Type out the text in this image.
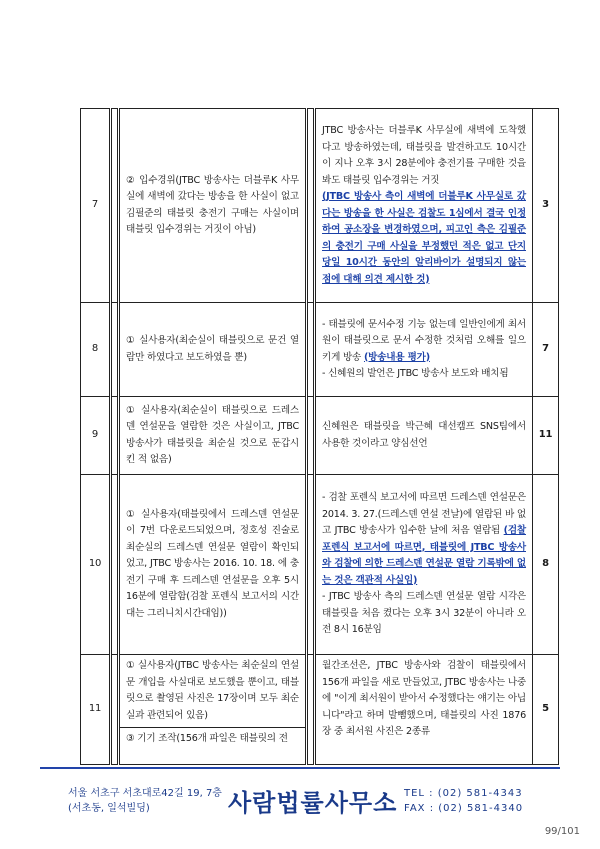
7		② 입수경위(JTBC 방송사는 더블루K 사무실에 새벽에 갔다는 방송을 한 사실이 없고 김필준의 태블릿 충전기 구매는 사실이며 태블릿 입수경위는 거짓이 아님)		JTBC 방송사는 더블루K 사무실에 새벽에 도착했다고 방송하였는데, 태블릿을 발견하고도 10시간이 지나 오후 3시 28분에야 충전기를 구매한 것을 봐도 태블릿 입수경위는 거짓
(JTBC 방송사 측이 새벽에 더블루K 사무실로 갔다는 방송을 한 사실은 검찰도 1심에서 결국 인정하여 공소장을 변경하였으며, 피고인 측은 김필준의 충전기 구매 사실을 부정했던 적은 없고 단지 당일 10시간 동안의 알리바이가 설명되지 않는 점에 대해 의견 제시한 것)	3
8		① 실사용자(최순실이 태블릿으로 문건 열람만 하였다고 보도하였을 뿐)		- 태블릿에 문서수정 기능 없는데 일반인에게 최서원이 태블릿으로 문서 수정한 것처럼 오해를 일으키게 방송 (방송내용 평가)
- 신혜원의 발언은 JTBC 방송사 보도와 배치됨	7
9		① 실사용자(최순실이 태블릿으로 드레스덴 연설문을 열람한 것은 사실이고, JTBC 방송사가 태블릿을 최순실 것으로 둔갑시킨 적 없음)		신혜원은 태블릿을 박근혜 대선캠프 SNS팀에서 사용한 것이라고 양심선언	11
10		① 실사용자(태블릿에서 드레스덴 연설문이 7번 다운로드되었으며, 정호성 진술로 최순실의 드레스덴 연설문 열람이 확인되었고, JTBC 방송사는 2016. 10. 18. 에 충전기 구매 후 드레스덴 연설문을 오후 5시 16분에 열람함(검찰 포렌식 보고서의 시간대는 그리니치시간대임))		- 검찰 포렌식 보고서에 따르면 드레스덴 연설문은 2014. 3. 27.(드레스덴 연설 전날)에 열람된 바 없고 JTBC 방송사가 입수한 날에 처음 열람됨 (검찰 포렌식 보고서에 따르면, 태블릿에 JTBC 방송사와 검찰에 의한 드레스덴 연설문 열람 기록밖에 없는 것은 객관적 사실임)
- JTBC 방송사 측의 드레스덴 연설문 열람 시각은 태블릿을 처음 켰다는 오후 3시 32분이 아니라 오전 8시 16분임	8
11		① 실사용자(JTBC 방송사는 최순실의 연설문 개입을 사실대로 보도했을 뿐이고, 태블릿으로 촬영된 사진은 17장이며 모두 최순실과 관련되어 있음)
③ 기기 조작(156개 파일은 태블릿의 전		월간조선은, JTBC 방송사와 검찰이 태블릿에서 156개 파일을 새로 만들었고, JTBC 방송사는 나중에 "이게 최서원이 받아서 수정했다는 얘기는 아닙니다"라고 하며 발뺌했으며, 태블릿의 사진 1876장 중 최서원 사진은 2종류	5
서울 서초구 서초대로42길 19, 7층
(서초동, 일석빌딩)	사람법률사무소 TEL : (02) 581-4343
FAX : (02) 581-4340
99/101
